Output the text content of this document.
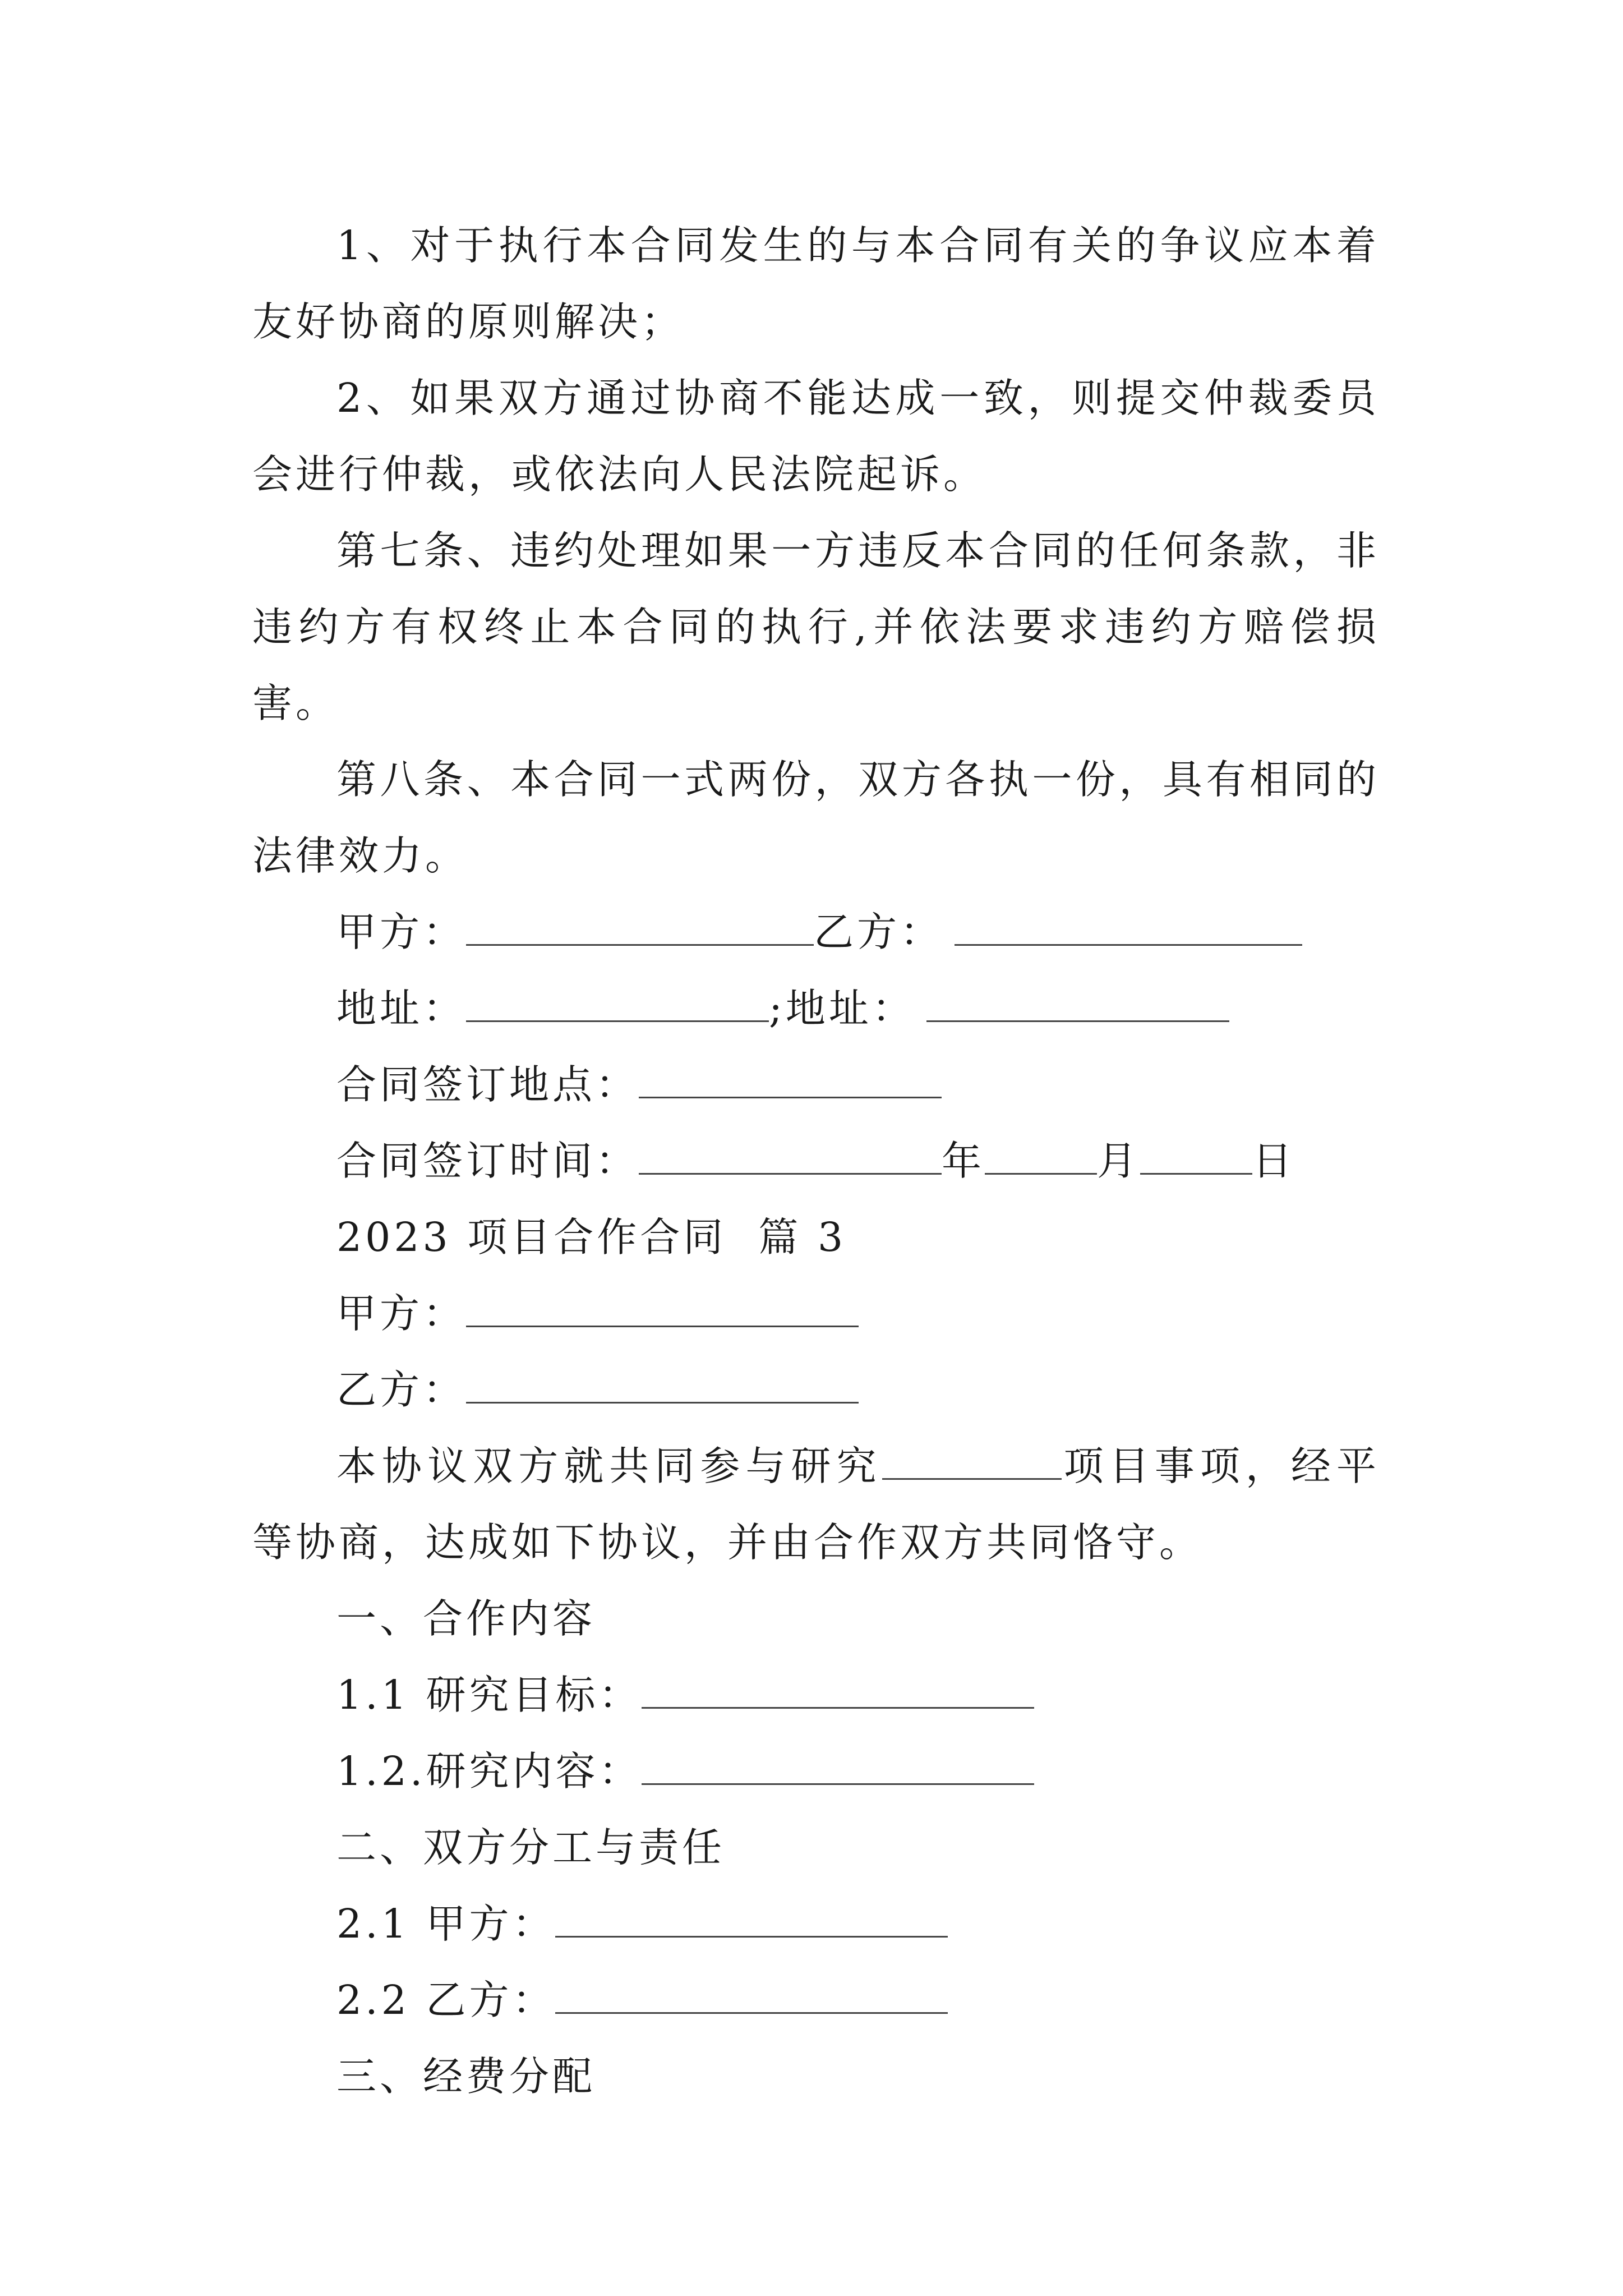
1、对于执行本合同发生的与本合同有关的争议应本着友好协商的原则解决；

2、如果双方通过协商不能达成一致，则提交仲裁委员会进行仲裁，或依法向人民法院起诉。

第七条、违约处理如果一方违反本合同的任何条款，非违约方有权终止本合同的执行,并依法要求违约方赔偿损害。

第八条、本合同一式两份，双方各执一份，具有相同的法律效力。

甲方：	乙方：

地址：	;地址：

合同签订地点：

合同签订时间：	年	月	日

2023 项目合作合同  篇 3

甲方：

乙方：

本协议双方就共同参与研究	项目事项，经平等协商，达成如下协议，并由合作双方共同恪守。

一、合作内容

1.1 研究目标：

1.2.研究内容：

二、双方分工与责任

2.1 甲方：

2.2 乙方：

三、经费分配
